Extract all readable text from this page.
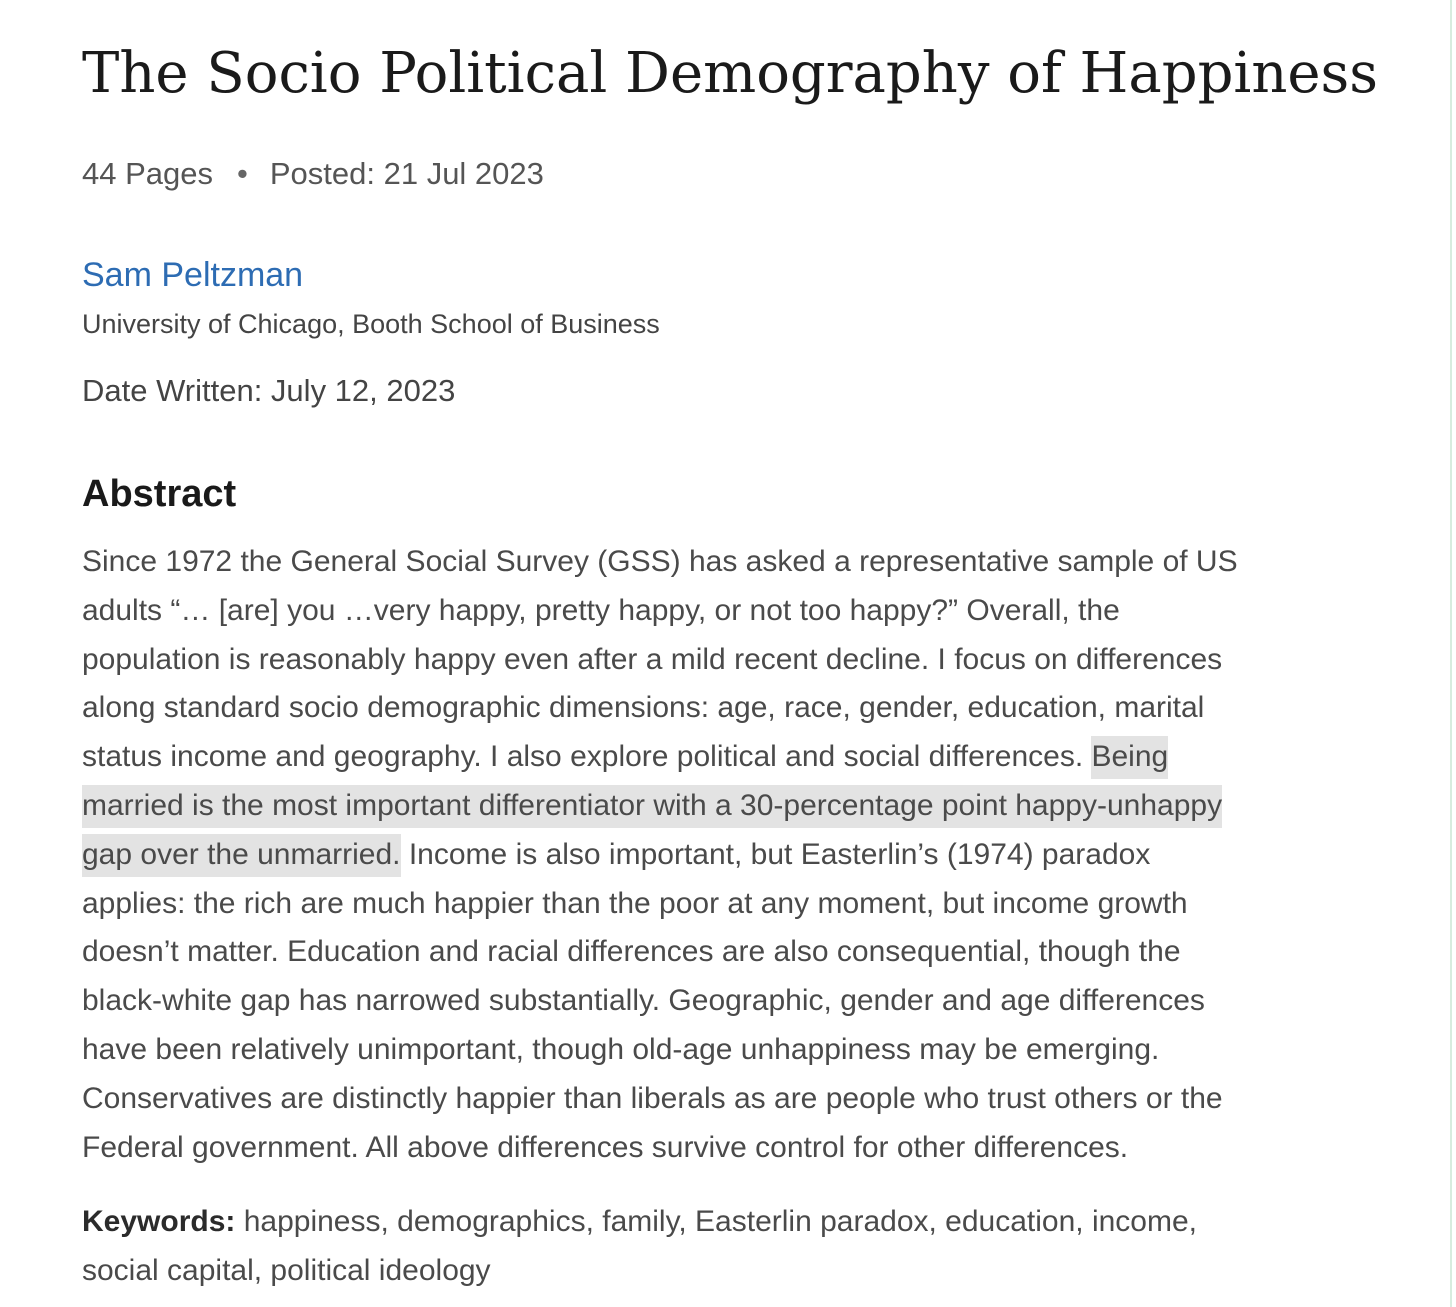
The Socio Political Demography of Happiness
44 Pages • Posted: 21 Jul 2023
Sam Peltzman
University of Chicago, Booth School of Business
Date Written: July 12, 2023
Abstract
Since 1972 the General Social Survey (GSS) has asked a representative sample of US
adults “… [are] you …very happy, pretty happy, or not too happy?” Overall, the
population is reasonably happy even after a mild recent decline. I focus on differences
along standard socio demographic dimensions: age, race, gender, education, marital
status income and geography. I also explore political and social differences. Being
married is the most important differentiator with a 30-percentage point happy-unhappy
gap over the unmarried. Income is also important, but Easterlin’s (1974) paradox
applies: the rich are much happier than the poor at any moment, but income growth
doesn’t matter. Education and racial differences are also consequential, though the
black-white gap has narrowed substantially. Geographic, gender and age differences
have been relatively unimportant, though old-age unhappiness may be emerging.
Conservatives are distinctly happier than liberals as are people who trust others or the
Federal government. All above differences survive control for other differences.
Keywords: happiness, demographics, family, Easterlin paradox, education, income,
social capital, political ideology
